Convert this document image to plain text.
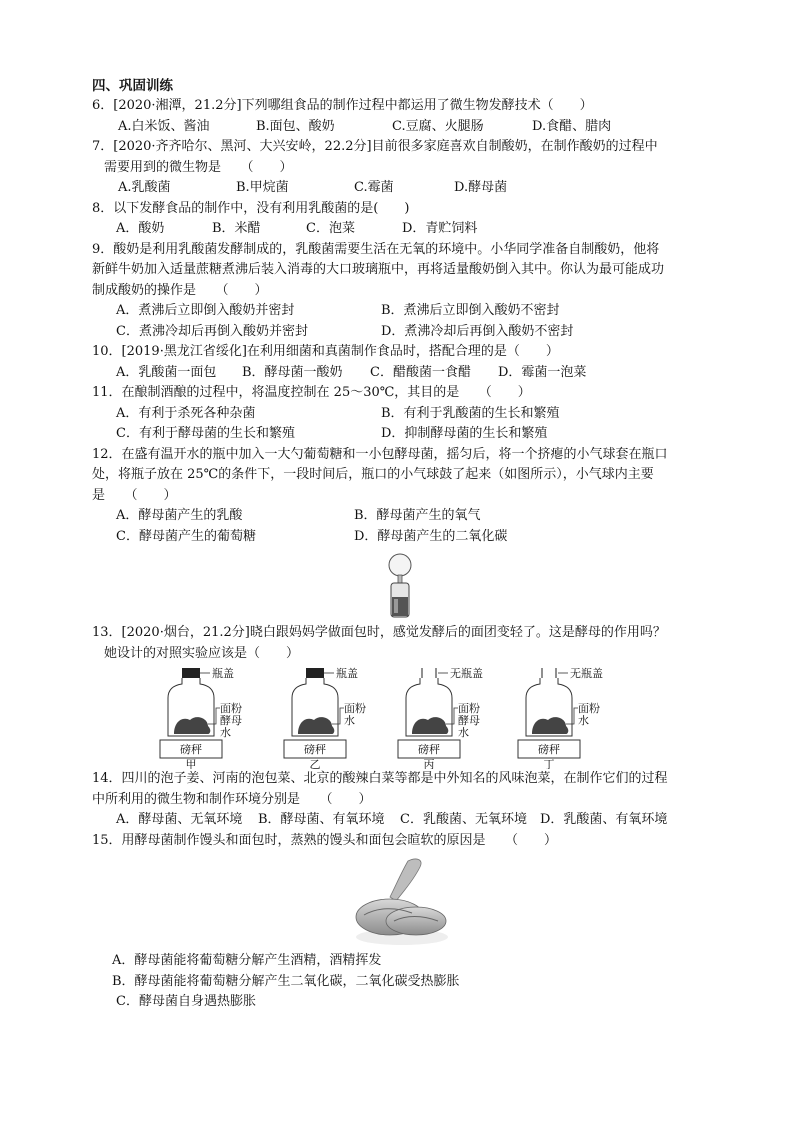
四、巩固训练
6．[2020·湘潭，21.2分]下列哪组食品的制作过程中都运用了微生物发酵技术（　　）
A.白米饭、酱油	B.面包、酸奶	C.豆腐、火腿肠	D.食醋、腊肉
7．[2020·齐齐哈尔、黑河、大兴安岭，22.2分]目前很多家庭喜欢自制酸奶，在制作酸奶的过程中
需要用到的微生物是　　（　　）
A.乳酸菌	B.甲烷菌	C.霉菌	D.酵母菌
8．以下发酵食品的制作中，没有利用乳酸菌的是(　　)
A．酸奶	B．米醋	C．泡菜	D．青贮饲料
9．酸奶是利用乳酸菌发酵制成的，乳酸菌需要生活在无氧的环境中。小华同学准备自制酸奶，他将
新鲜牛奶加入适量蔗糖煮沸后装入消毒的大口玻璃瓶中，再将适量酸奶倒入其中。你认为最可能成功
制成酸奶的操作是　　（　　）
A．煮沸后立即倒入酸奶并密封	B．煮沸后立即倒入酸奶不密封
C．煮沸冷却后再倒入酸奶并密封	D．煮沸冷却后再倒入酸奶不密封
10．[2019·黑龙江省绥化]在利用细菌和真菌制作食品时，搭配合理的是（　　）
A．乳酸菌一面包	B．酵母菌一酸奶	C．醋酸菌一食醋	D．霉菌一泡菜
11．在酿制酒酿的过程中，将温度控制在 25～30℃，其目的是　　（　　）
A．有利于杀死各种杂菌	B．有利于乳酸菌的生长和繁殖
C．有利于酵母菌的生长和繁殖	D．抑制酵母菌的生长和繁殖
12．在盛有温开水的瓶中加入一大勺葡萄糖和一小包酵母菌，摇匀后，将一个挤瘪的小气球套在瓶口
处，将瓶子放在 25℃的条件下，一段时间后，瓶口的小气球鼓了起来（如图所示），小气球内主要
是　　（　　）
A．酵母菌产生的乳酸	B．酵母菌产生的氧气
C．酵母菌产生的葡萄糖	D．酵母菌产生的二氧化碳
13．[2020·烟台，21.2分]晓白跟妈妈学做面包时，感觉发酵后的面团变轻了。这是酵母的作用吗？
她设计的对照实验应该是（　　）
磅秤
瓶盖
面粉
酵母
水
甲
磅秤
瓶盖
面粉
水
乙
磅秤
无瓶盖
面粉
酵母
水
丙
磅秤
无瓶盖
面粉
水
丁
14．四川的泡子姜、河南的泡包菜、北京的酸辣白菜等都是中外知名的风味泡菜，在制作它们的过程
中所利用的微生物和制作环境分别是　　（　　）
A．酵母菌、无氧环境	B．酵母菌、有氧环境	C．乳酸菌、无氧环境	D．乳酸菌、有氧环境
15．用酵母菌制作馒头和面包时，蒸熟的馒头和面包会暄软的原因是　　（　　）
A．酵母菌能将葡萄糖分解产生酒精，酒精挥发
B．酵母菌能将葡萄糖分解产生二氧化碳，二氧化碳受热膨胀
C．酵母菌自身遇热膨胀
